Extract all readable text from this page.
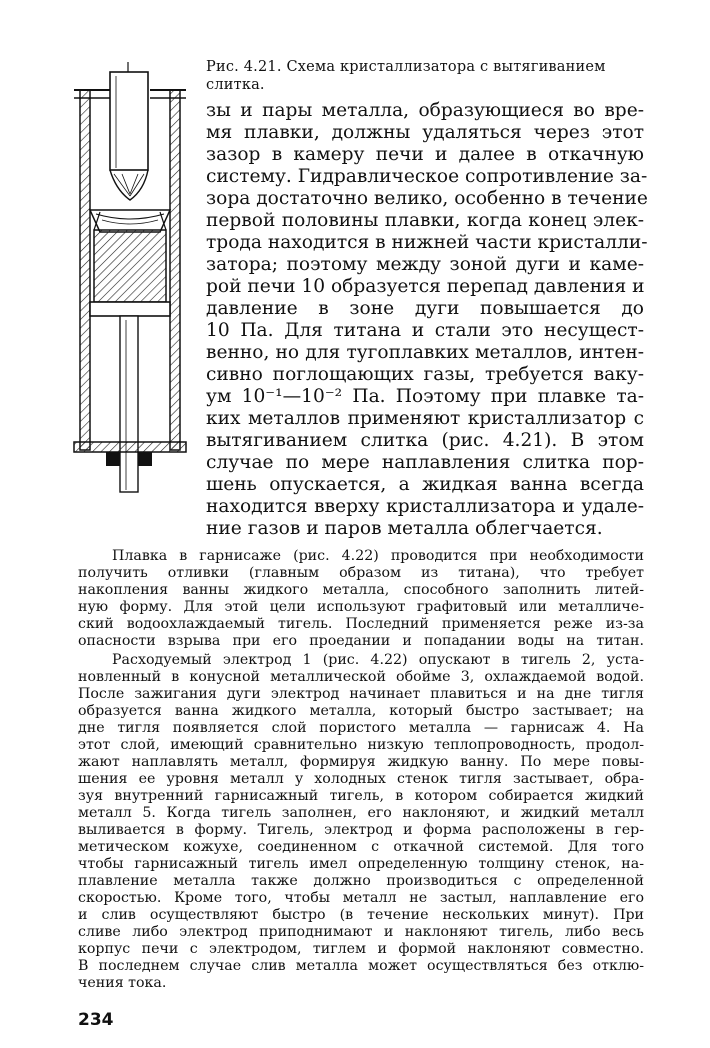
Рис. 4.21. Схема кристаллизатора с вытягиванием слитка.
зы и пары металла, образующиеся во вре-
мя плавки, должны удаляться через этот
зазор в камеру печи и далее в откачную
систему. Гидравлическое сопротивление за-
зора достаточно велико, особенно в течение
первой половины плавки, когда конец элек-
трода находится в нижней части кристалли-
затора; поэтому между зоной дуги и каме-
рой печи 10 образуется перепад давления и
давление в зоне дуги повышается до
10 Па. Для титана и стали это несущест-
венно, но для тугоплавких металлов, интен-
сивно поглощающих газы, требуется ваку-
ум 10⁻¹—10⁻² Па. Поэтому при плавке та-
ких металлов применяют кристаллизатор с
вытягиванием слитка (рис. 4.21). В этом
случае по мере наплавления слитка пор-
шень опускается, а жидкая ванна всегда
находится вверху кристаллизатора и удале-
ние газов и паров металла облегчается.
Плавка в гарнисаже (рис. 4.22) проводится при необходимости
получить отливки (главным образом из титана), что требует
накопления ванны жидкого металла, способного заполнить литей-
ную форму. Для этой цели используют графитовый или металличе-
ский водоохлаждаемый тигель. Последний применяется реже из-за
опасности взрыва при его проедании и попадании воды на титан.
Расходуемый электрод 1 (рис. 4.22) опускают в тигель 2, уста-
новленный в конусной металлической обойме 3, охлаждаемой водой.
После зажигания дуги электрод начинает плавиться и на дне тигля
образуется ванна жидкого металла, который быстро застывает; на
дне тигля появляется слой пористого металла — гарнисаж 4. На
этот слой, имеющий сравнительно низкую теплопроводность, продол-
жают наплавлять металл, формируя жидкую ванну. По мере повы-
шения ее уровня металл у холодных стенок тигля застывает, обра-
зуя внутренний гарнисажный тигель, в котором собирается жидкий
металл 5. Когда тигель заполнен, его наклоняют, и жидкий металл
выливается в форму. Тигель, электрод и форма расположены в гер-
метическом кожухе, соединенном с откачной системой. Для того
чтобы гарнисажный тигель имел определенную толщину стенок, на-
плавление металла также должно производиться с определенной
скоростью. Кроме того, чтобы металл не застыл, наплавление его
и слив осуществляют быстро (в течение нескольких минут). При
сливе либо электрод приподнимают и наклоняют тигель, либо весь
корпус печи с электродом, тиглем и формой наклоняют совместно.
В последнем случае слив металла может осуществляться без отклю-
чения тока.
234
